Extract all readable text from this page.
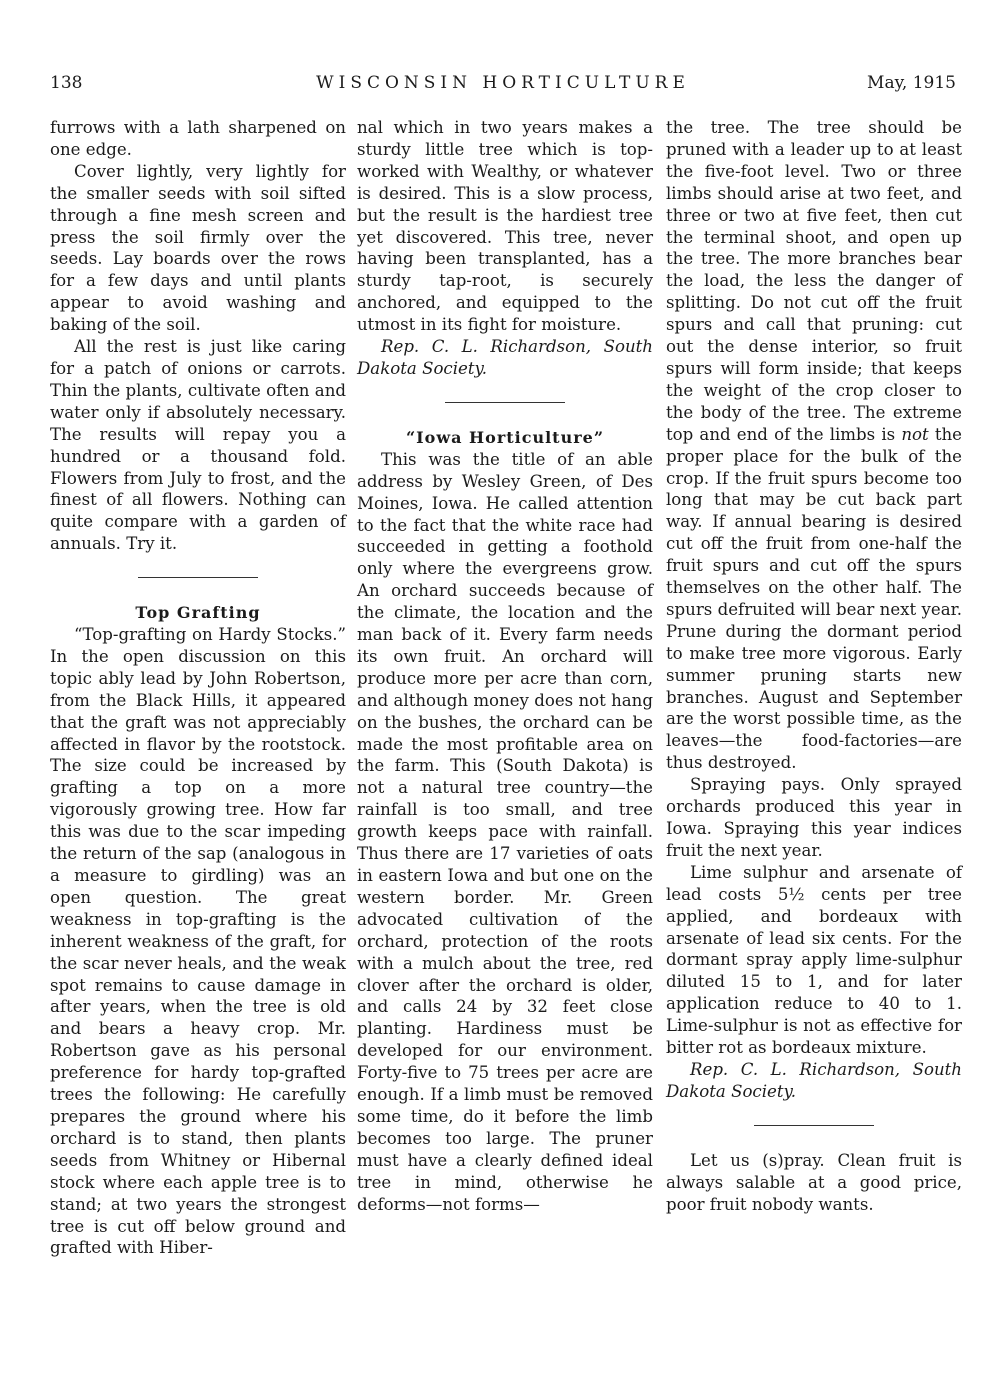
138	WISCONSIN HORTICULTURE	May, 1915

furrows with a lath sharpened on one edge.

Cover lightly, very lightly for the smaller seeds with soil sifted through a fine mesh screen and press the soil firmly over the seeds. Lay boards over the rows for a few days and until plants appear to avoid washing and baking of the soil.

All the rest is just like caring for a patch of onions or carrots. Thin the plants, cultivate often and water only if absolutely necessary. The results will repay you a hundred or a thousand fold. Flowers from July to frost, and the finest of all flowers. Nothing can quite compare with a garden of annuals. Try it.

Top Grafting

“Top-grafting on Hardy Stocks.” In the open discussion on this topic ably lead by John Robertson, from the Black Hills, it appeared that the graft was not appreciably affected in flavor by the rootstock. The size could be increased by grafting a top on a more vigorously growing tree. How far this was due to the scar impeding the return of the sap (analogous in a measure to girdling) was an open question. The great weakness in top-grafting is the inherent weakness of the graft, for the scar never heals, and the weak spot remains to cause damage in after years, when the tree is old and bears a heavy crop. Mr. Robertson gave as his personal preference for hardy top-grafted trees the following: He carefully prepares the ground where his orchard is to stand, then plants seeds from Whitney or Hibernal stock where each apple tree is to stand; at two years the strongest tree is cut off below ground and grafted with Hiber-

nal which in two years makes a sturdy little tree which is top-worked with Wealthy, or whatever is desired. This is a slow process, but the result is the hardiest tree yet discovered. This tree, never having been transplanted, has a sturdy tap-root, is securely anchored, and equipped to the utmost in its fight for moisture.

Rep. C. L. Richardson, South Dakota Society.

“Iowa Horticulture”

This was the title of an able address by Wesley Green, of Des Moines, Iowa. He called attention to the fact that the white race had succeeded in getting a foothold only where the evergreens grow. An orchard succeeds because of the climate, the location and the man back of it. Every farm needs its own fruit. An orchard will produce more per acre than corn, and although money does not hang on the bushes, the orchard can be made the most profitable area on the farm. This (South Dakota) is not a natural tree country—the rainfall is too small, and tree growth keeps pace with rainfall. Thus there are 17 varieties of oats in eastern Iowa and but one on the western border. Mr. Green advocated cultivation of the orchard, protection of the roots with a mulch about the tree, red clover after the orchard is older, and calls 24 by 32 feet close planting. Hardiness must be developed for our environment. Forty-five to 75 trees per acre are enough. If a limb must be removed some time, do it before the limb becomes too large. The pruner must have a clearly defined ideal tree in mind, otherwise he deforms—not forms—

the tree. The tree should be pruned with a leader up to at least the five-foot level. Two or three limbs should arise at two feet, and three or two at five feet, then cut the terminal shoot, and open up the tree. The more branches bear the load, the less the danger of splitting. Do not cut off the fruit spurs and call that pruning: cut out the dense interior, so fruit spurs will form inside; that keeps the weight of the crop closer to the body of the tree. The extreme top and end of the limbs is not the proper place for the bulk of the crop. If the fruit spurs become too long that may be cut back part way. If annual bearing is desired cut off the fruit from one-half the fruit spurs and cut off the spurs themselves on the other half. The spurs defruited will bear next year. Prune during the dormant period to make tree more vigorous. Early summer pruning starts new branches. August and September are the worst possible time, as the leaves—the food-factories—are thus destroyed.

Spraying pays. Only sprayed orchards produced this year in Iowa. Spraying this year indices fruit the next year.

Lime sulphur and arsenate of lead costs 5½ cents per tree applied, and bordeaux with arsenate of lead six cents. For the dormant spray apply lime-sulphur diluted 15 to 1, and for later application reduce to 40 to 1. Lime-sulphur is not as effective for bitter rot as bordeaux mixture.

Rep. C. L. Richardson, South Dakota Society.

Let us (s)pray. Clean fruit is always salable at a good price, poor fruit nobody wants.
